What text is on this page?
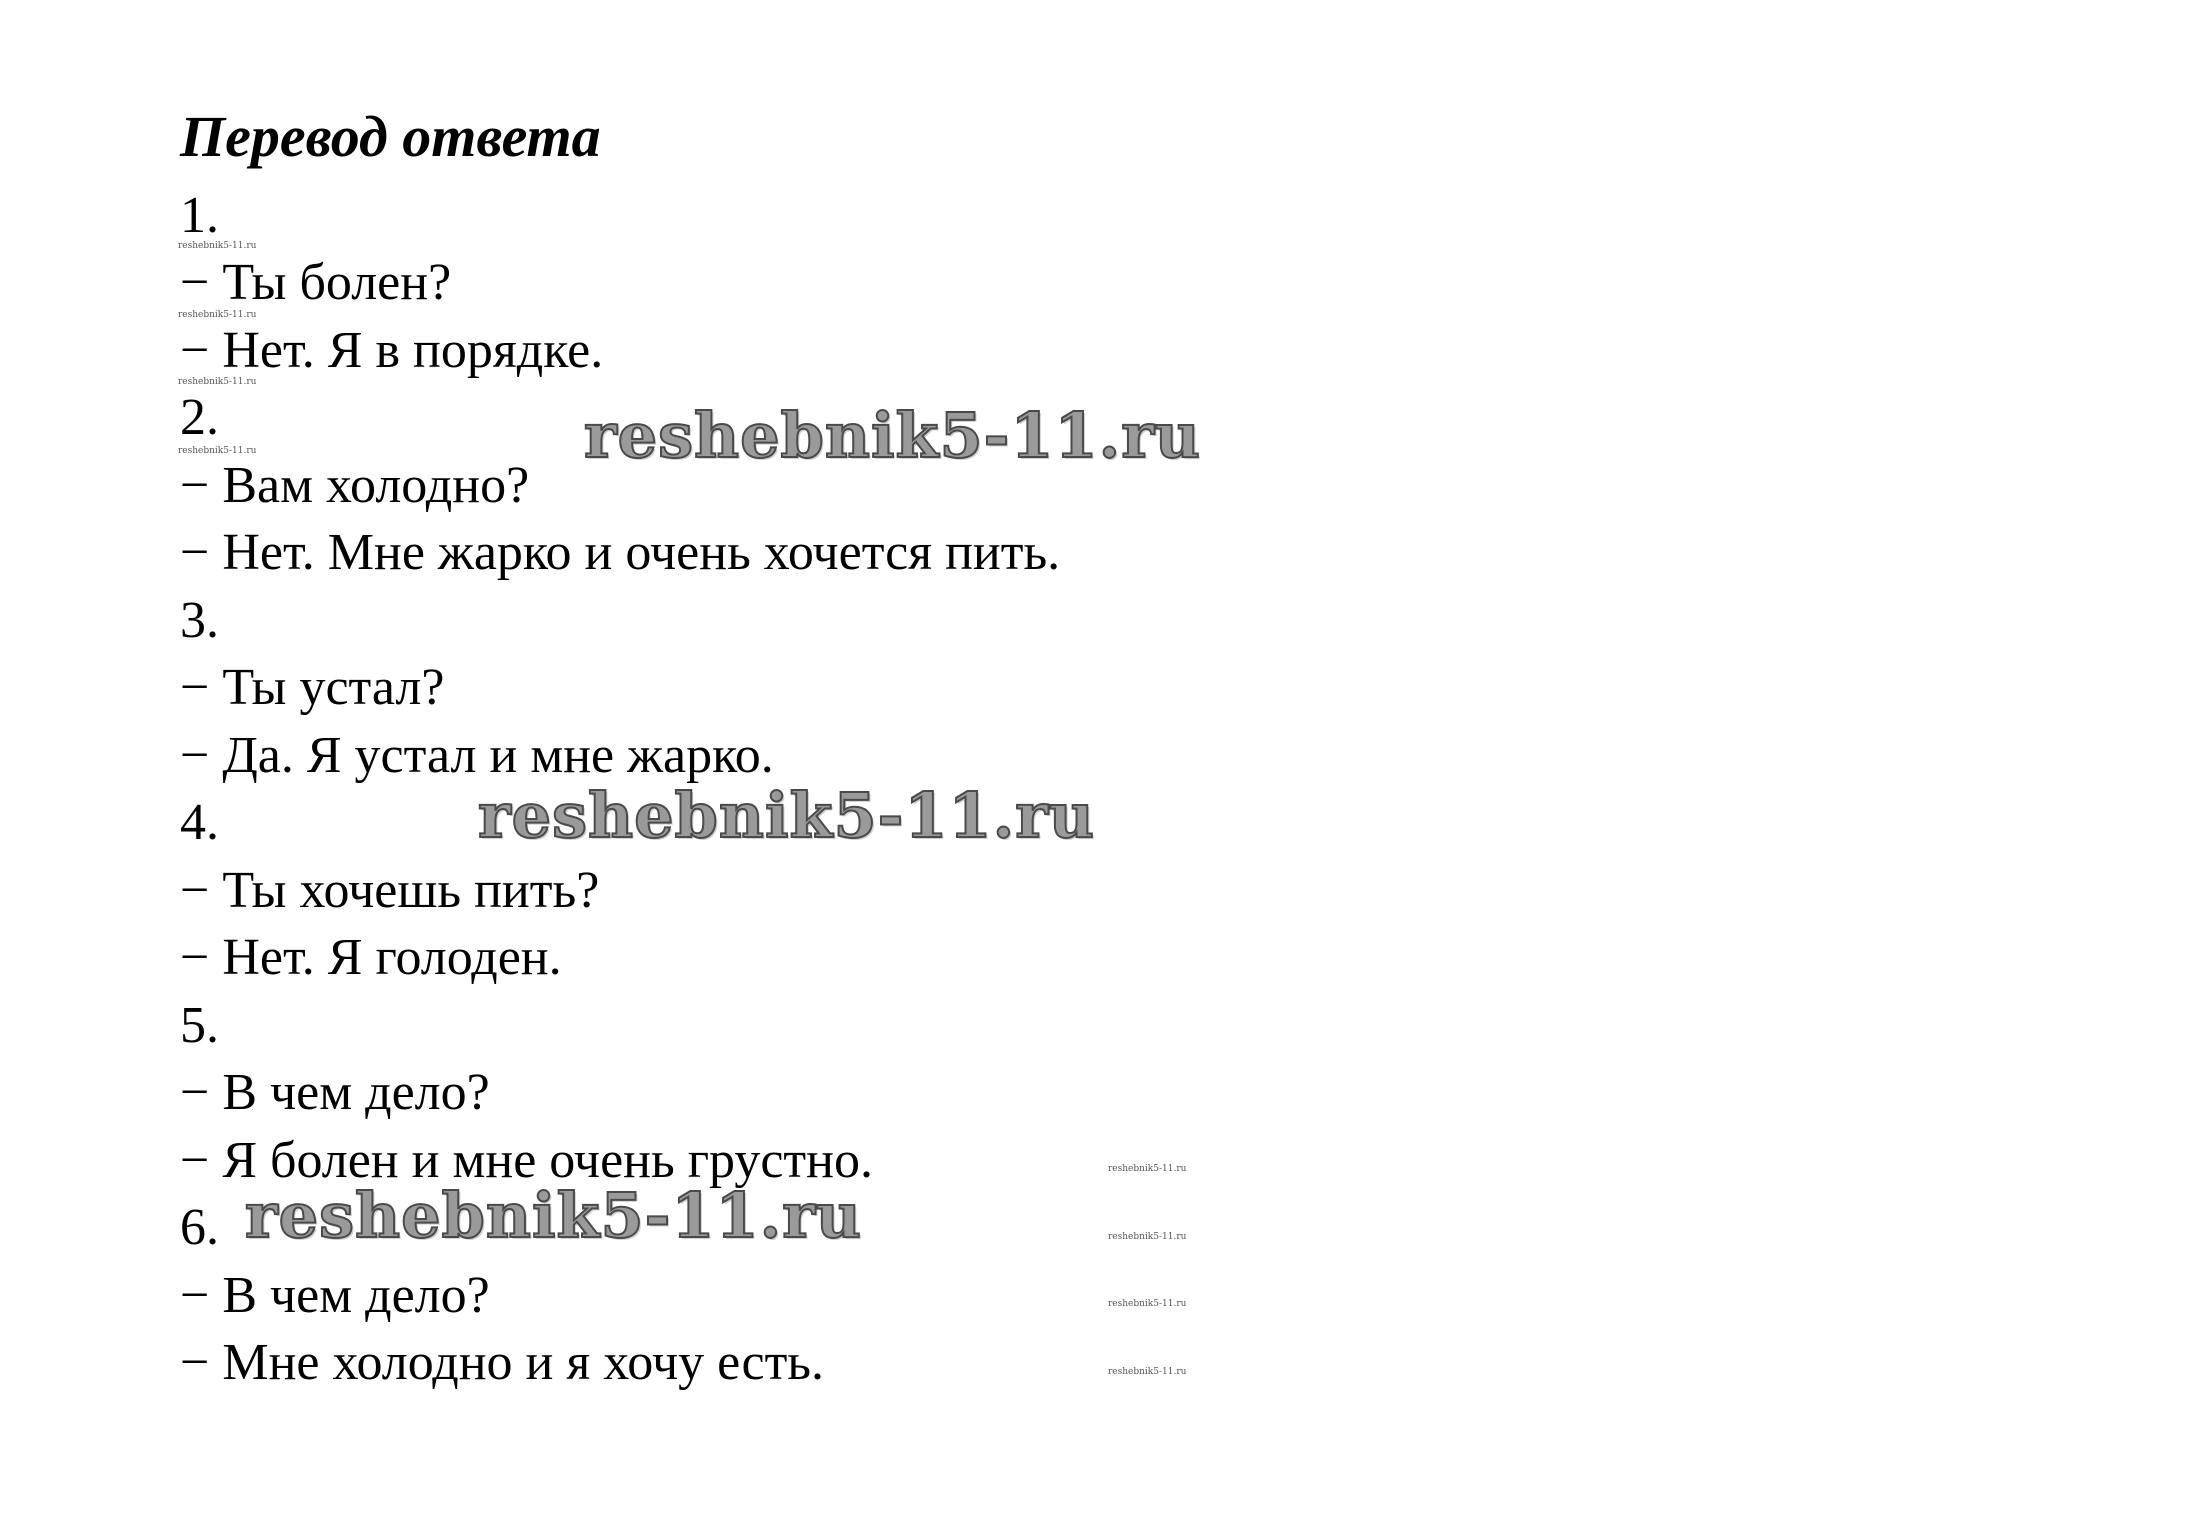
Перевод ответа
1.
− Ты болен?
− Нет. Я в порядке.
2.
− Вам холодно?
− Нет. Мне жарко и очень хочется пить.
3.
− Ты устал?
− Да. Я устал и мне жарко.
4.
− Ты хочешь пить?
− Нет. Я голоден.
5.
− В чем дело?
− Я болен и мне очень грустно.
6.
− В чем дело?
− Мне холодно и я хочу есть.
reshebnik5-11.ru
reshebnik5-11.ru
reshebnik5-11.ru
reshebnik5-11.ru
reshebnik5-11.ru
reshebnik5-11.ru
reshebnik5-11.ru
reshebnik5-11.ru
reshebnik5-11.ru
reshebnik5-11.ru
reshebnik5-11.ru
